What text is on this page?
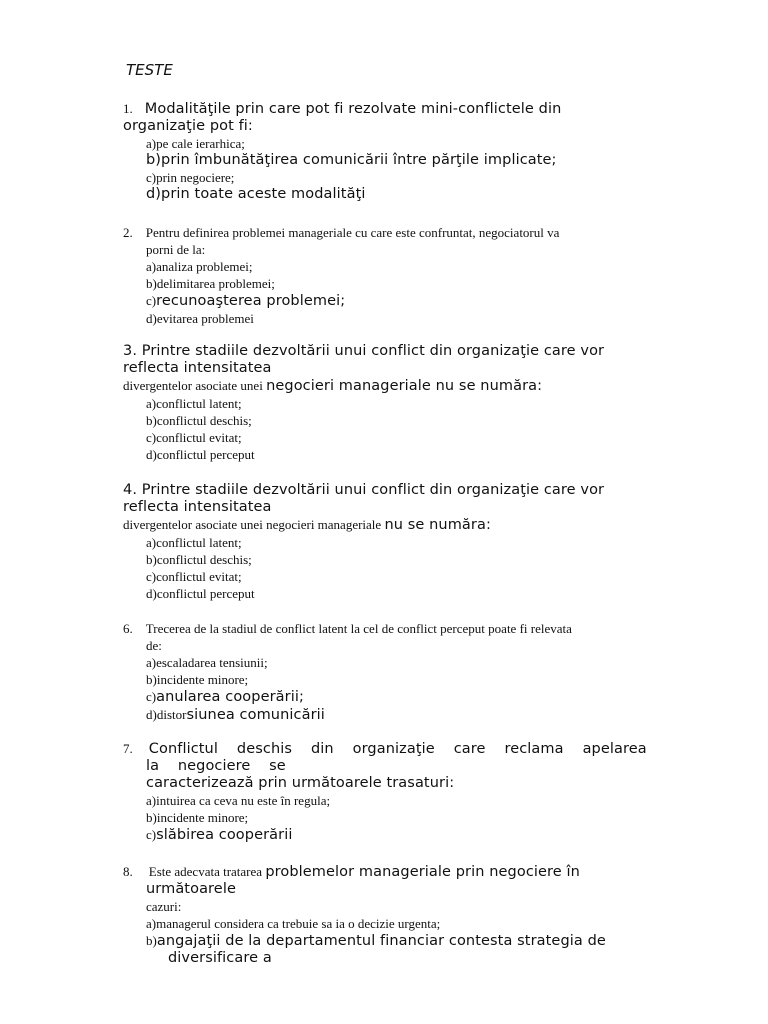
TESTE
1. Modalităţile prin care pot fi rezolvate mini-conflictele din
organizaţie pot fi:
a)pe cale ierarhica;
b)prin îmbunătăţirea comunicării între părţile implicate;
c)prin negociere;
d)prin toate aceste modalităţi
2. Pentru definirea problemei manageriale cu care este confruntat, negociatorul va
porni de la:
a)analiza problemei;
b)delimitarea problemei;
c)recunoaşterea problemei;
d)evitarea problemei
3. Printre stadiile dezvoltării unui conflict din organizaţie care vor
reflecta intensitatea
divergentelor asociate unei negocieri manageriale nu se număra:
a)conflictul latent;
b)conflictul deschis;
c)conflictul evitat;
d)conflictul perceput
4. Printre stadiile dezvoltării unui conflict din organizaţie care vor
reflecta intensitatea
divergentelor asociate unei negocieri manageriale nu se număra:
a)conflictul latent;
b)conflictul deschis;
c)conflictul evitat;
d)conflictul perceput
6. Trecerea de la stadiul de conflict latent la cel de conflict perceput poate fi relevata
de:
a)escaladarea tensiunii;
b)incidente minore;
c)anularea cooperării;
d)distorsiunea comunicării
7. Conflictul deschis din organizaţie care reclama apelarea
la negociere se
caracterizează prin următoarele trasaturi:
a)intuirea ca ceva nu este în regula;
b)incidente minore;
c)slăbirea cooperării
8. Este adecvata tratarea problemelor manageriale prin negociere în
următoarele
cazuri:
a)managerul considera ca trebuie sa ia o decizie urgenta;
b)angajaţii de la departamentul financiar contesta strategia de
diversificare a
